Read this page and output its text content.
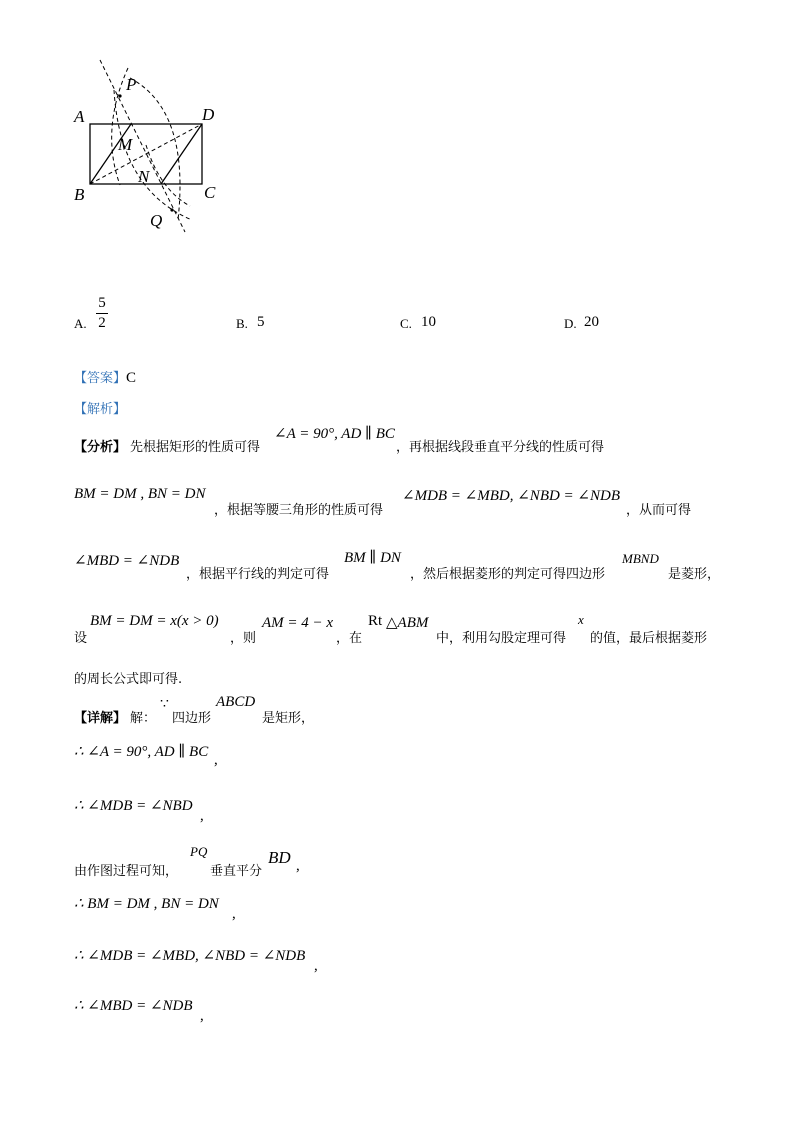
P
A	D
M
B
N
C
Q
A.
5
2	B. 5	C. 10	D. 20
【答案】C
【解析】
【分析】 先根据矩形的性质可得
∠A = 90°, AD ∥ BC
，再根据线段垂直平分线的性质可得
BM = DM , BN = DN
，根据等腰三角形的性质可得
∠MDB = ∠MBD, ∠NBD = ∠NDB
，从而可得
∠MBD = ∠NDB
，根据平行线的判定可得
BM ∥ DN
，然后根据菱形的判定可得四边形
MBND
是菱形，
设
BM = DM = x(x > 0)
，则
AM = 4 − x
，在
Rt △ABM
中，利用勾股定理可得
x
的值，最后根据菱形
的周长公式即可得.
【详解】 解：
∵
四边形
ABCD
是矩形，
∴ ∠A = 90°, AD ∥ BC ,
∴ ∠MDB = ∠NBD
,
由作图过程可知，
PQ
垂直平分
BD ,
∴ BM = DM , BN = DN
,
∴ ∠MDB = ∠MBD, ∠NBD = ∠NDB
,
∴ ∠MBD = ∠NDB
,
